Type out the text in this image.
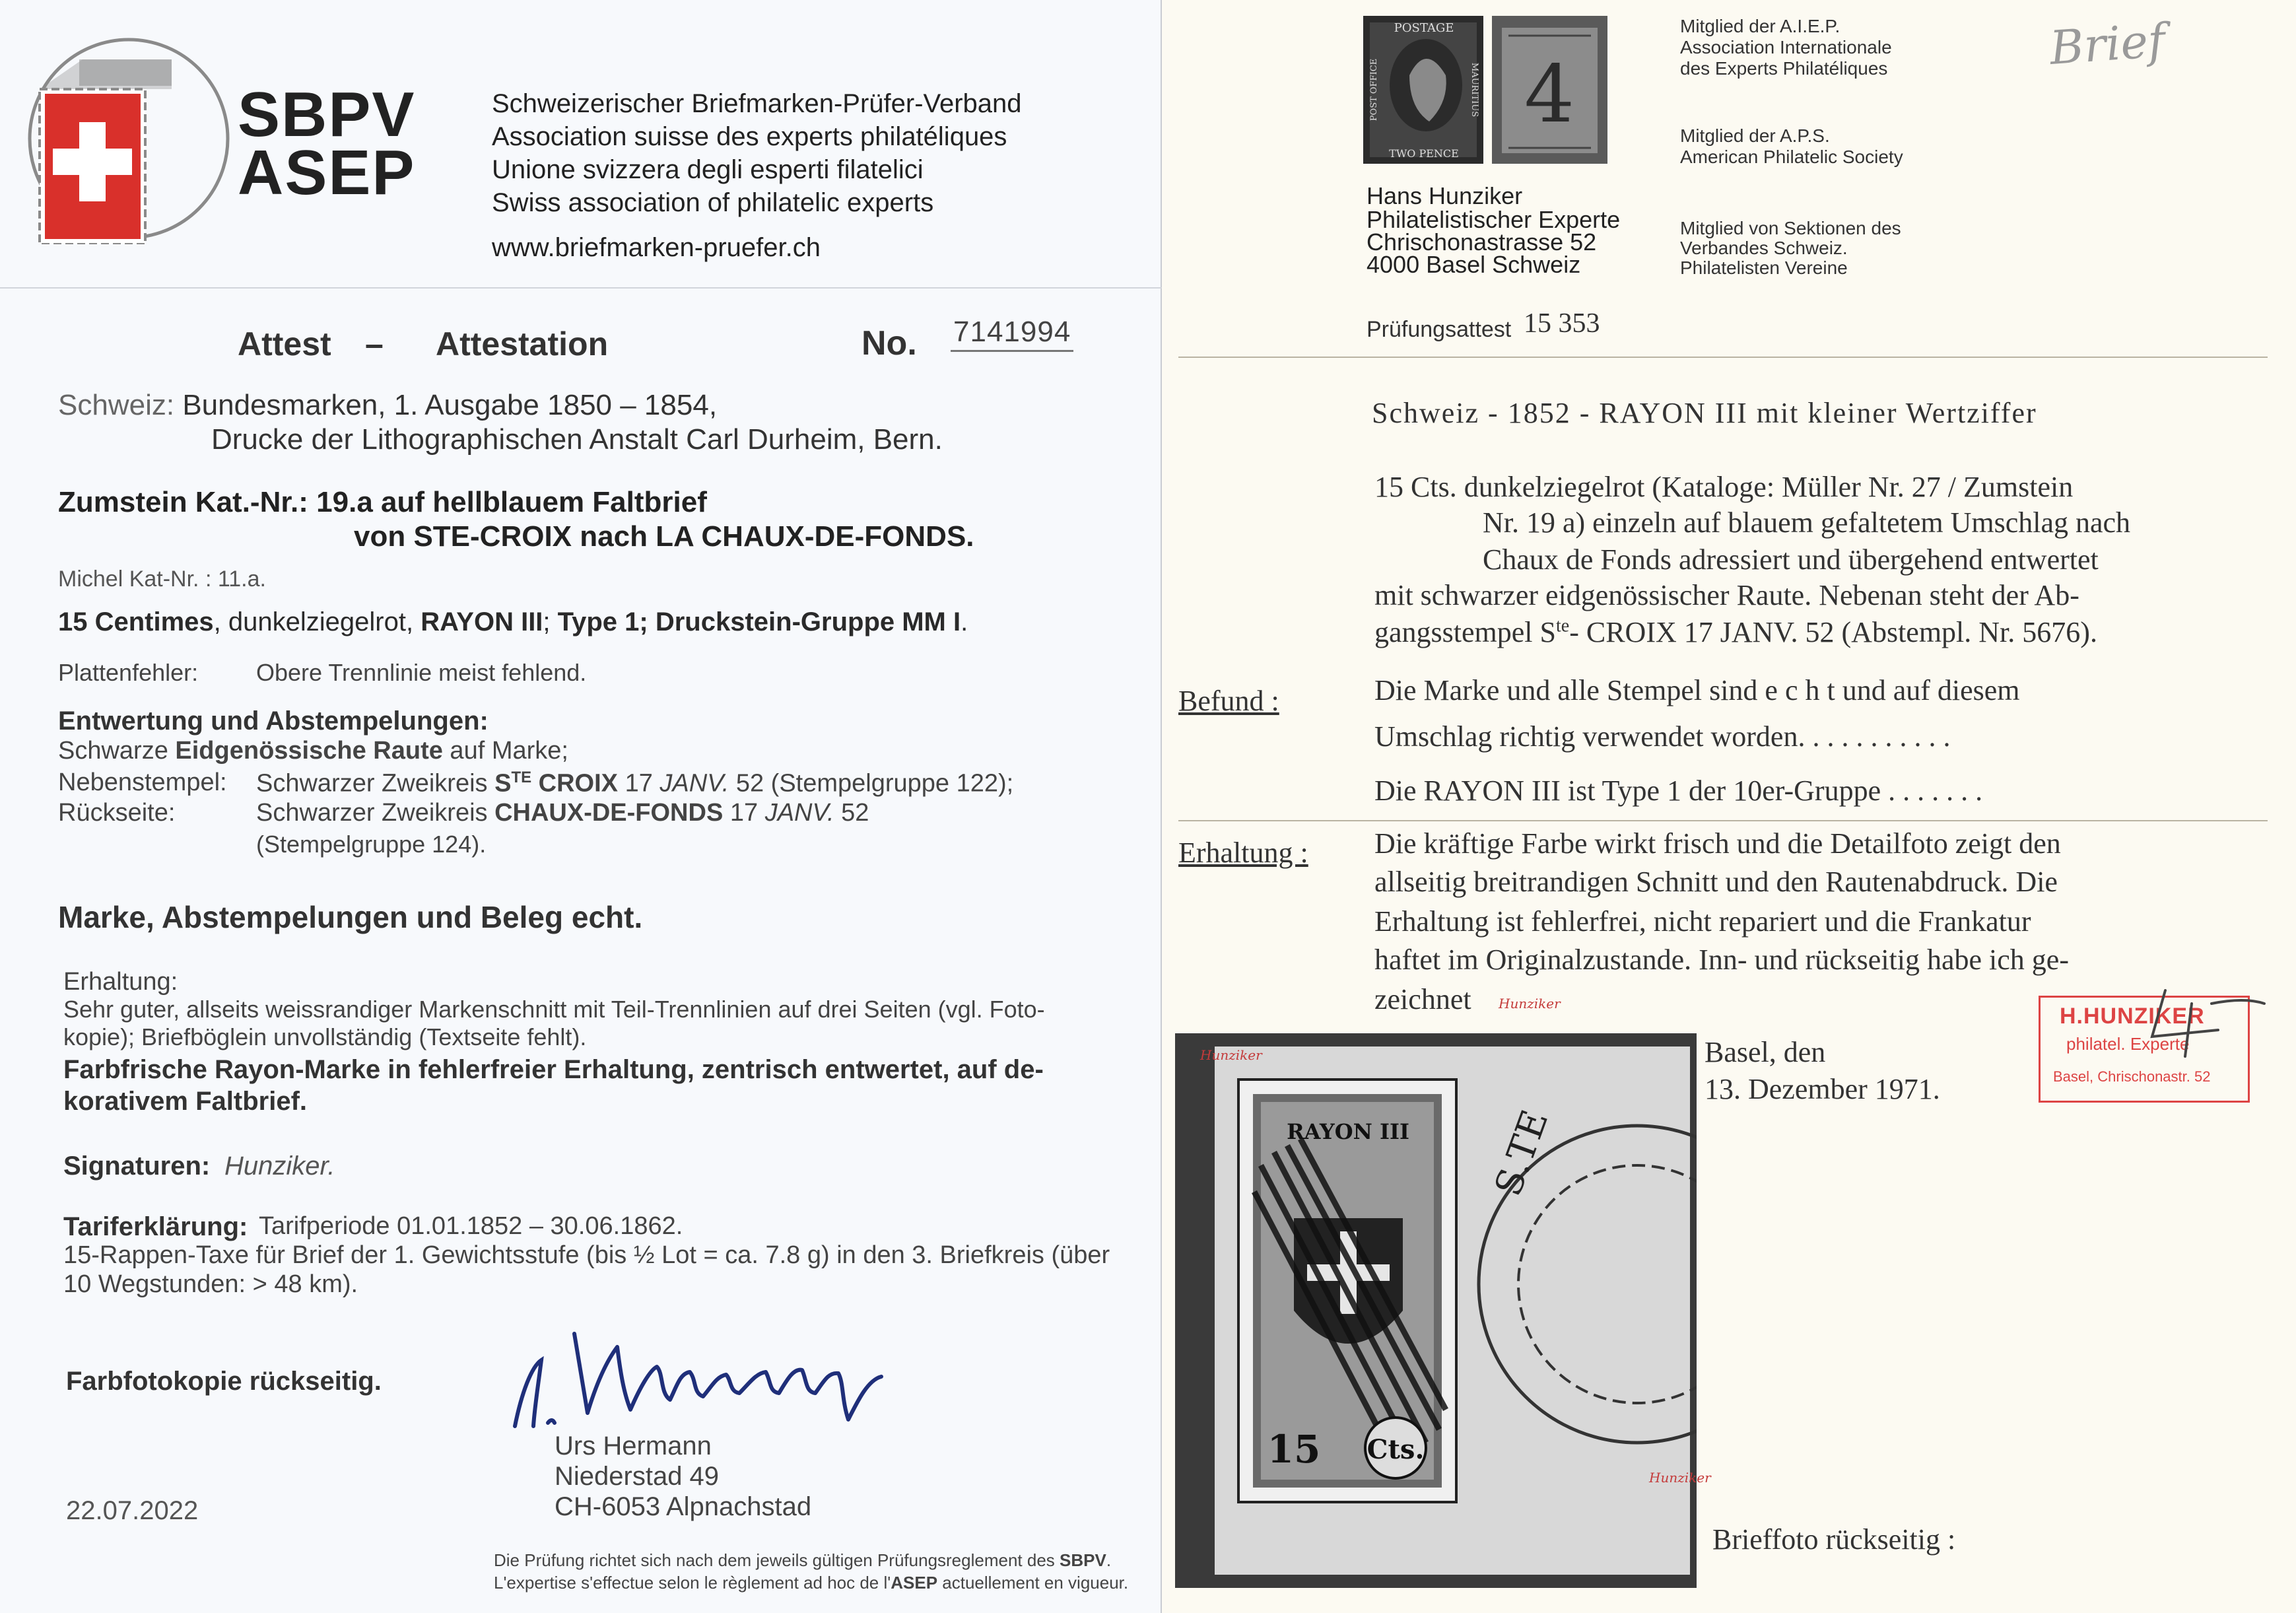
SBPV
ASEP
Schweizerischer Briefmarken-Prüfer-Verband
Association suisse des experts philatéliques
Unione svizzera degli esperti filatelici
Swiss association of philatelic experts
www.briefmarken-pruefer.ch
Attest – Attestation	No. 7141994
Schweiz: Bundesmarken, 1. Ausgabe 1850 – 1854,
Drucke der Lithographischen Anstalt Carl Durheim, Bern.
Zumstein Kat.-Nr.: 19.a auf hellblauem Faltbrief
von STE-CROIX nach LA CHAUX-DE-FONDS.
Michel Kat-Nr. : 11.a.
15 Centimes, dunkelziegelrot, RAYON III; Type 1; Druckstein-Gruppe MM I.
Plattenfehler: Obere Trennlinie meist fehlend.
Entwertung und Abstempelungen:
Schwarze Eidgenössische Raute auf Marke;
Nebenstempel: Schwarzer Zweikreis $S^{TE}$ CROIX 17 JANV. 52 (Stempelgruppe 122);
Rückseite:	Schwarzer Zweikreis CHAUX-DE-FONDS 17 JANV. 52
(Stempelgruppe 124).
Marke, Abstempelungen und Beleg echt.
Erhaltung:
Sehr guter, allseits weissrandiger Markenschnitt mit Teil-Trennlinien auf drei Seiten (vgl. Foto-
kopie); Briefböglein unvollständig (Textseite fehlt).
Farbfrische Rayon-Marke in fehlerfreier Erhaltung, zentrisch entwertet, auf de-
korativem Faltbrief.
Signaturen: Hunziker.
Tariferklärung: Tarifperiode 01.01.1852 – 30.06.1862.
15-Rappen-Taxe für Brief der 1. Gewichtsstufe (bis ½ Lot = ca. 7.8 g) in den 3. Briefkreis (über
10 Wegstunden: > 48 km).
Farbfotokopie rückseitig.
Urs Hermann
Niederstad 49
CH-6053 Alpnachstad
22.07.2022
Die Prüfung richtet sich nach dem jeweils gültigen Prüfungsreglement des SBPV.
L'expertise s'effectue selon le règlement ad hoc de l'ASEP actuellement en vigueur.
POSTAGE
TWO PENCE
POST OFFICE	MAURITIUS 4
Mitglied der A.I.E.P.
Association Internationale
des Experts Philatéliques
Mitglied der A.P.S.
American Philatelic Society
Mitglied von Sektionen des
Verbandes Schweiz.
Philatelisten Vereine
Brief
Hans Hunziker
Philatelistischer Experte
Chrischonastrasse 52
4000 Basel Schweiz
Prüfungsattest 15 353
Schweiz - 1852 - RAYON III mit kleiner Wertziffer
15 Cts. dunkelziegelrot (Kataloge: Müller Nr. 27 / Zumstein
Nr. 19 a) einzeln auf blauem gefaltetem Umschlag nach
Chaux de Fonds adressiert und übergehend entwertet
mit schwarzer eidgenössischer Raute. Nebenan steht der Ab-
gangsstempel $S^{te}-$ CROIX 17 JANV. 52 (Abstempl. Nr. 5676).
Befund :	Die Marke und alle Stempel sind e c h t und auf diesem
Umschlag richtig verwendet worden. . . . . . . . . . .
Die RAYON III ist Type 1 der 10er-Gruppe . . . . . . .
Erhaltung : Die kräftige Farbe wirkt frisch und die Detailfoto zeigt den
allseitig breitrandigen Schnitt und den Rautenabdruck. Die
Erhaltung ist fehlerfrei, nicht repariert und die Frankatur
haftet im Originalzustande. Inn- und rückseitig habe ich ge-
zeichnet Hunziker
RAYON III
15 Cts.
S.TE
Hunziker
Hunziker
Basel, den
13. Dezember 1971.
H.HUNZIKER
philatel. Experte
Basel, Chrischonastr. 52
Brieffoto rückseitig :
